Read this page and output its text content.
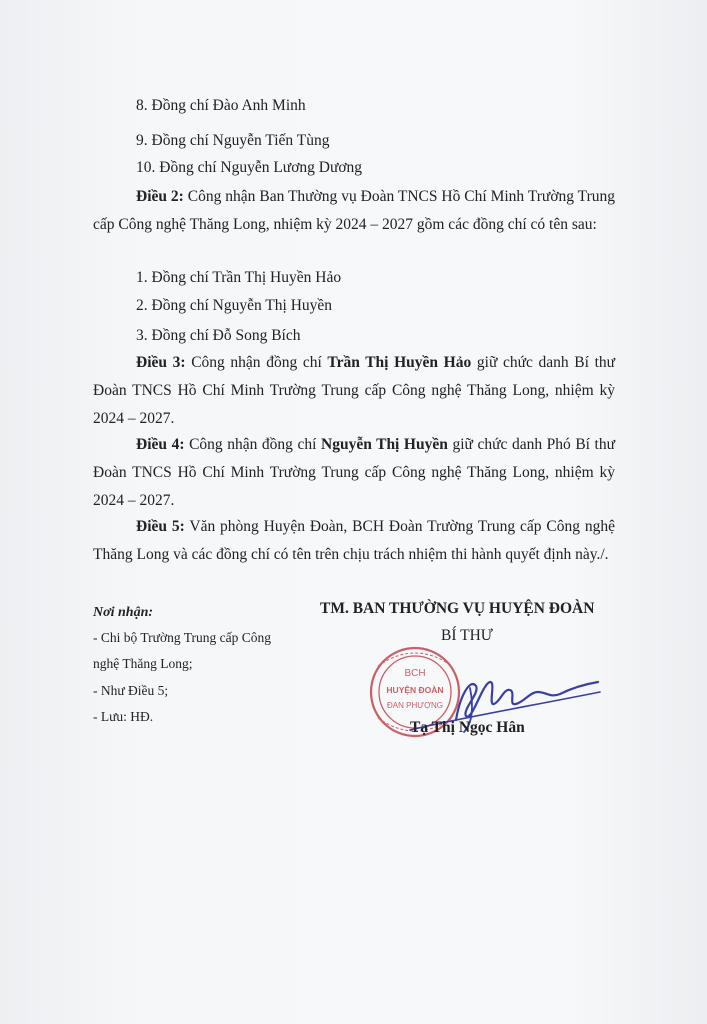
8. Đồng chí Đào Anh Minh
9. Đồng chí Nguyễn Tiến Tùng
10. Đồng chí Nguyễn Lương Dương
Điều 2: Công nhận Ban Thường vụ Đoàn TNCS Hồ Chí Minh Trường Trung cấp Công nghệ Thăng Long, nhiệm kỳ 2024 – 2027 gồm các đồng chí có tên sau:
1. Đồng chí Trần Thị Huyền Hảo
2. Đồng chí Nguyễn Thị Huyền
3. Đồng chí Đỗ Song Bích
Điều 3: Công nhận đồng chí Trần Thị Huyền Hảo giữ chức danh Bí thư Đoàn TNCS Hồ Chí Minh Trường Trung cấp Công nghệ Thăng Long, nhiệm kỳ 2024 – 2027.
Điều 4: Công nhận đồng chí Nguyễn Thị Huyền giữ chức danh Phó Bí thư Đoàn TNCS Hồ Chí Minh Trường Trung cấp Công nghệ Thăng Long, nhiệm kỳ 2024 – 2027.
Điều 5: Văn phòng Huyện Đoàn, BCH Đoàn Trường Trung cấp Công nghệ Thăng Long và các đồng chí có tên trên chịu trách nhiệm thi hành quyết định này./.
Nơi nhận:
- Chi bộ Trường Trung cấp Công
nghệ Thăng Long;
- Như Điều 5;
- Lưu: HĐ.
TM. BAN THƯỜNG VỤ HUYỆN ĐOÀN
BÍ THƯ
BCH
HUYỆN ĐOÀN
ĐAN PHƯỢNG
Tạ Thị Ngọc Hân
